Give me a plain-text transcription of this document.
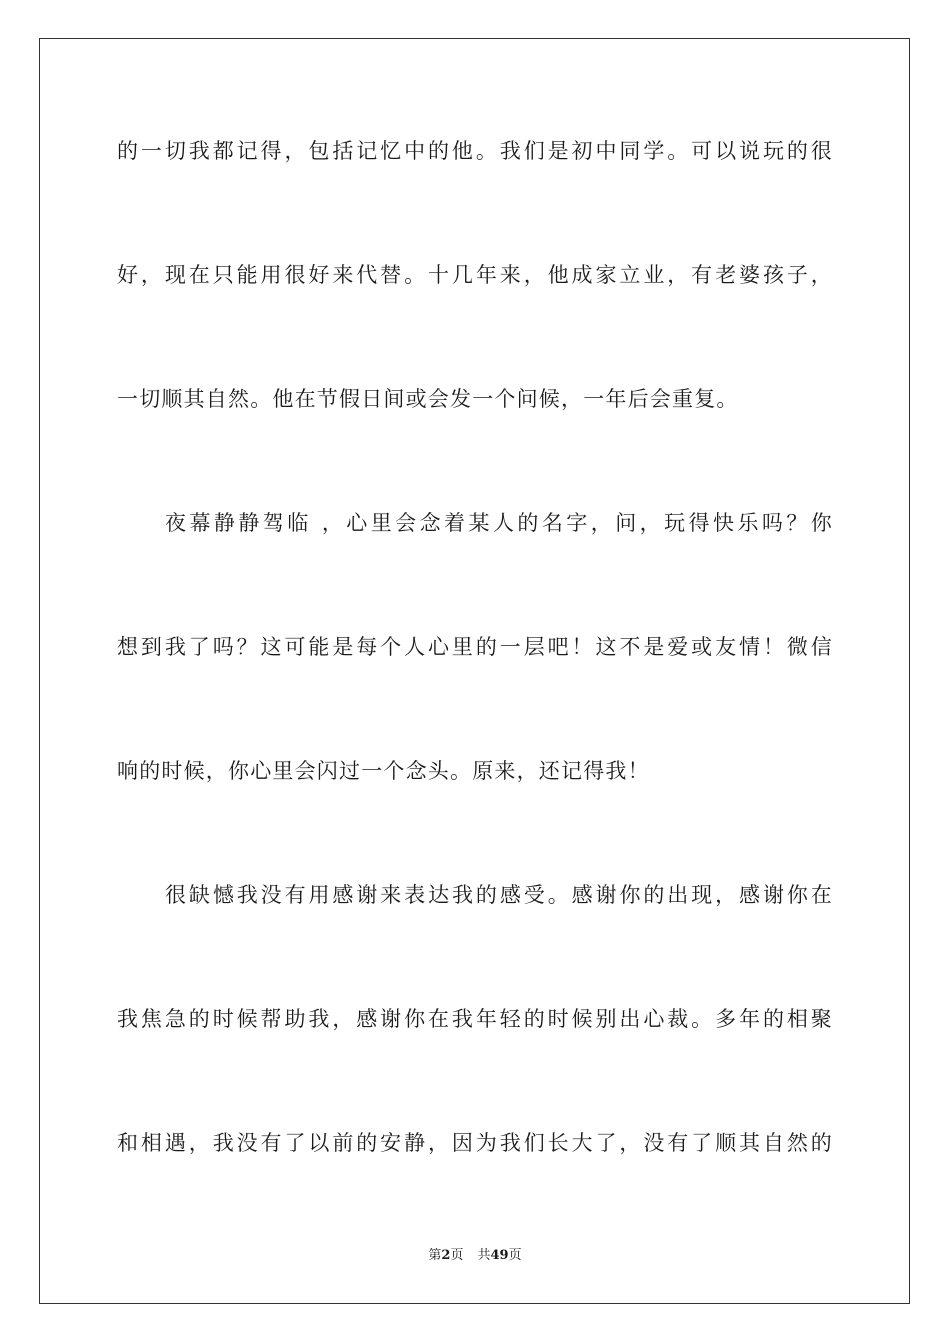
的一切我都记得，包括记忆中的他。我们是初中同学。可以说玩的很
好，现在只能用很好来代替。十几年来，他成家立业，有老婆孩子，
一切顺其自然。他在节假日间或会发一个问候，一年后会重复。
夜幕静静驾临 ，心里会念着某人的名字，问，玩得快乐吗？你
想到我了吗？这可能是每个人心里的一层吧！这不是爱或友情！微信
响的时候，你心里会闪过一个念头。原来，还记得我！
很缺憾我没有用感谢来表达我的感受。感谢你的出现，感谢你在
我焦急的时候帮助我，感谢你在我年轻的时候别出心裁。多年的相聚
和相遇，我没有了以前的安静，因为我们长大了，没有了顺其自然的
第2页 共49页
